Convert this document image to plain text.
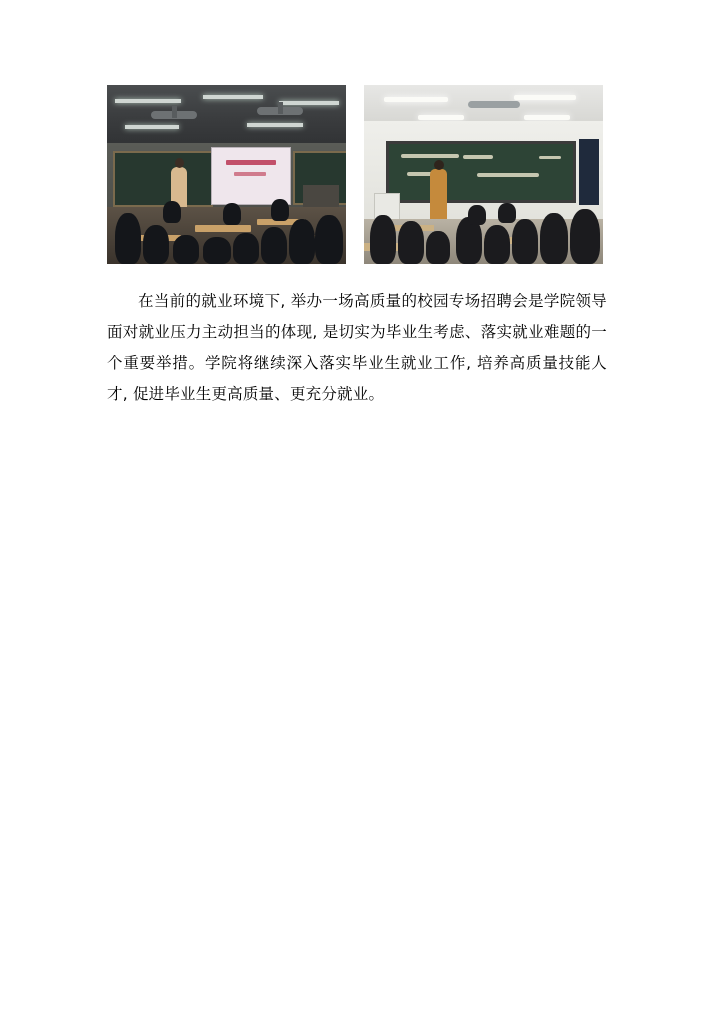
在当前的就业环境下, 举办一场高质量的校园专场招聘会是学院领导面对就业压力主动担当的体现, 是切实为毕业生考虑、落实就业难题的一个重要举措。学院将继续深入落实毕业生就业工作, 培养高质量技能人才, 促进毕业生更高质量、更充分就业。
